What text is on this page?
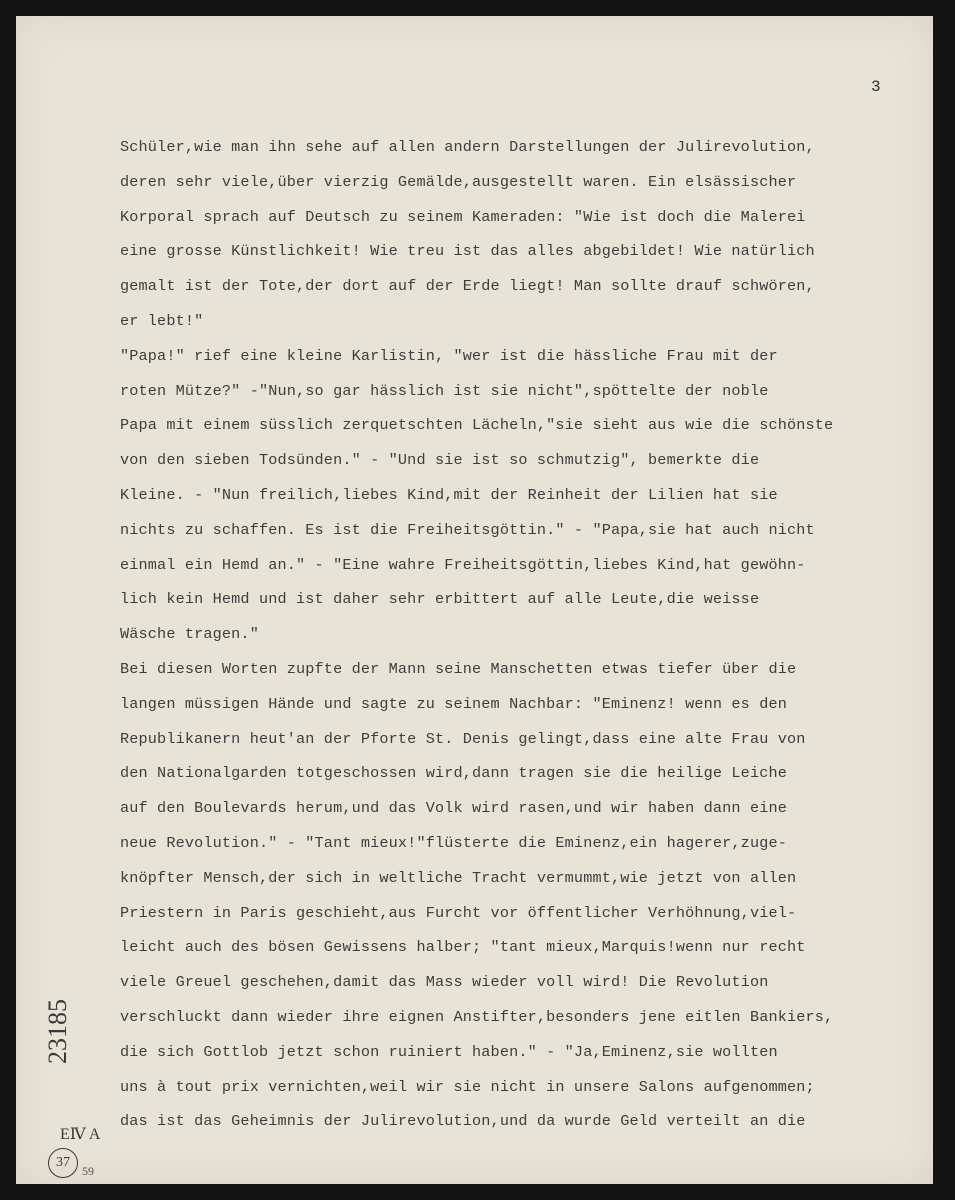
3
Schüler,wie man ihn sehe auf allen andern Darstellungen der Julirevolution,
deren sehr viele,über vierzig Gemälde,ausgestellt waren. Ein elsässischer
Korporal sprach auf Deutsch zu seinem Kameraden: "Wie ist doch die Malerei
eine grosse Künstlichkeit! Wie treu ist das alles abgebildet! Wie natürlich
gemalt ist der Tote,der dort auf der Erde liegt! Man sollte drauf schwören,
er lebt!"
"Papa!" rief eine kleine Karlistin, "wer ist die hässliche Frau mit der
roten Mütze?" -"Nun,so gar hässlich ist sie nicht",spöttelte der noble
Papa mit einem süsslich zerquetschten Lächeln,"sie sieht aus wie die schönste
von den sieben Todsünden." - "Und sie ist so schmutzig", bemerkte die
Kleine. - "Nun freilich,liebes Kind,mit der Reinheit der Lilien hat sie
nichts zu schaffen. Es ist die Freiheitsgöttin." - "Papa,sie hat auch nicht
einmal ein Hemd an." - "Eine wahre Freiheitsgöttin,liebes Kind,hat gewöhn-
lich kein Hemd und ist daher sehr erbittert auf alle Leute,die weisse
Wäsche tragen."
Bei diesen Worten zupfte der Mann seine Manschetten etwas tiefer über die
langen müssigen Hände und sagte zu seinem Nachbar: "Eminenz! wenn es den
Republikanern heut'an der Pforte St. Denis gelingt,dass eine alte Frau von
den Nationalgarden totgeschossen wird,dann tragen sie die heilige Leiche
auf den Boulevards herum,und das Volk wird rasen,und wir haben dann eine
neue Revolution." - "Tant mieux!"flüsterte die Eminenz,ein hagerer,zuge-
knöpfter Mensch,der sich in weltliche Tracht vermummt,wie jetzt von allen
Priestern in Paris geschieht,aus Furcht vor öffentlicher Verhöhnung,viel-
leicht auch des bösen Gewissens halber; "tant mieux,Marquis!wenn nur recht
viele Greuel geschehen,damit das Mass wieder voll wird! Die Revolution
verschluckt dann wieder ihre eignen Anstifter,besonders jene eitlen Bankiers,
die sich Gottlob jetzt schon ruiniert haben." - "Ja,Eminenz,sie wollten
uns à tout prix vernichten,weil wir sie nicht in unsere Salons aufgenommen;
das ist das Geheimnis der Julirevolution,und da wurde Geld verteilt an die
23185
EⅣ A
37
59
